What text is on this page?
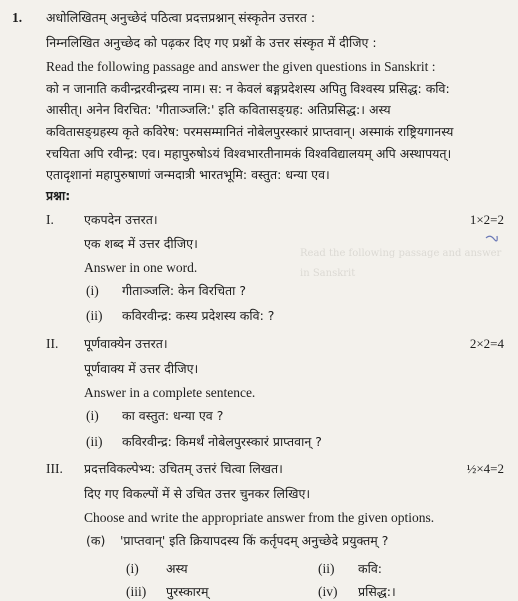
Read the following passage and answer
in Sanskrit
1. अधोलिखितम् अनुच्छेदं पठित्वा प्रदत्तप्रश्नान् संस्कृतेन उत्तरत :
निम्नलिखित अनुच्छेद को पढ़कर दिए गए प्रश्नों के उत्तर संस्कृत में दीजिए :
Read the following passage and answer the given questions in Sanskrit :
को न जानाति कवीन्द्ररवीन्द्रस्य नाम। स: न केवलं बङ्गप्रदेशस्य अपितु विश्वस्य प्रसिद्ध: कवि:
आसीत्। अनेन विरचित: 'गीताञ्जलि:' इति कवितासङ्ग्रह: अतिप्रसिद्ध:। अस्य
कवितासङ्ग्रहस्य कृते कविरेष: परमसम्मानितं नोबेलपुरस्कारं प्राप्तवान्। अस्माकं राष्ट्रियगानस्य
रचयिता अपि रवीन्द्र: एव। महापुरुषोऽयं विश्वभारतीनामकं विश्वविद्यालयम् अपि अस्थापयत्।
एतादृशानां महापुरुषाणां जन्मदात्री भारतभूमि: वस्तुत: धन्या एव।
प्रश्ना:
I. एकपदेन उत्तरत।	1×2=2
एक शब्द में उत्तर दीजिए।
Answer in one word.
(i) गीताञ्जलि: केन विरचिता ?
(ii) कविरवीन्द्र: कस्य प्रदेशस्य कवि: ?
II. पूर्णवाक्येन उत्तरत।	2×2=4
पूर्णवाक्य में उत्तर दीजिए।
Answer in a complete sentence.
(i) का वस्तुत: धन्या एव ?
(ii) कविरवीन्द्र: किमर्थं नोबेलपुरस्कारं प्राप्तवान् ?
III. प्रदत्तविकल्पेभ्य: उचितम् उत्तरं चित्वा लिखत।	½×4=2
दिए गए विकल्पों में से उचित उत्तर चुनकर लिखिए।
Choose and write the appropriate answer from the given options.
(क) 'प्राप्तवान्' इति क्रियापदस्य किं कर्तृपदम् अनुच्छेदे प्रयुक्तम् ?
(i) अस्य	(ii) कवि:
(iii) पुरस्कारम्	(iv) प्रसिद्ध:।
